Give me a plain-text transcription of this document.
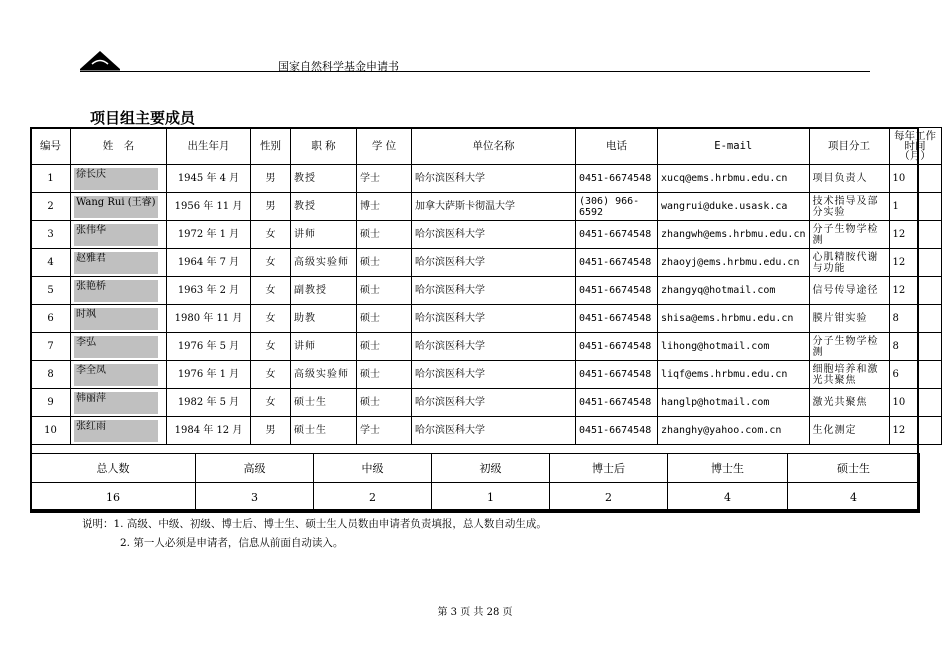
国家自然科学基金申请书
项目组主要成员
编号	姓　名	出生年月	性别	职 称	学 位	单位名称	电话	E-mail	项目分工	每年工作时间（月）
1	徐长庆	1945 年 4 月	男	教授	学士	哈尔滨医科大学	0451-6674548	xucq@ems.hrbmu.edu.cn	项目负责人	10
2	Wang Rui (王睿)	1956 年 11 月	男	教授	博士	加拿大萨斯卡彻温大学	(306) 966-6592	wangrui@duke.usask.ca	技术指导及部分实验	1
3	张伟华	1972 年 1 月	女	讲师	硕士	哈尔滨医科大学	0451-6674548	zhangwh@ems.hrbmu.edu.cn	分子生物学检测	12
4	赵雅君	1964 年 7 月	女	高级实验师	硕士	哈尔滨医科大学	0451-6674548	zhaoyj@ems.hrbmu.edu.cn	心肌精胺代谢与功能	12
5	张艳桥	1963 年 2 月	女	副教授	硕士	哈尔滨医科大学	0451-6674548	zhangyq@hotmail.com	信号传导途径	12
6	时飒	1980 年 11 月	女	助教	硕士	哈尔滨医科大学	0451-6674548	shisa@ems.hrbmu.edu.cn	膜片钳实验	8
7	李弘	1976 年 5 月	女	讲师	硕士	哈尔滨医科大学	0451-6674548	lihong@hotmail.com	分子生物学检测	8
8	李全凤	1976 年 1 月	女	高级实验师	硕士	哈尔滨医科大学	0451-6674548	liqf@ems.hrbmu.edu.cn	细胞培养和激光共聚焦	6
9	韩丽萍	1982 年 5 月	女	硕士生	硕士	哈尔滨医科大学	0451-6674548	hanglp@hotmail.com	激光共聚焦	10
10	张红雨	1984 年 12 月	男	硕士生	学士	哈尔滨医科大学	0451-6674548	zhanghy@yahoo.com.cn	生化测定	12
总人数	高级	中级	初级	博士后	博士生	硕士生
16	3	2	1	2	4	4
说明：1. 高级、中级、初级、博士后、博士生、硕士生人员数由申请者负责填报，总人数自动生成。
2. 第一人必须是申请者，信息从前面自动读入。
第 3 页 共 28 页
